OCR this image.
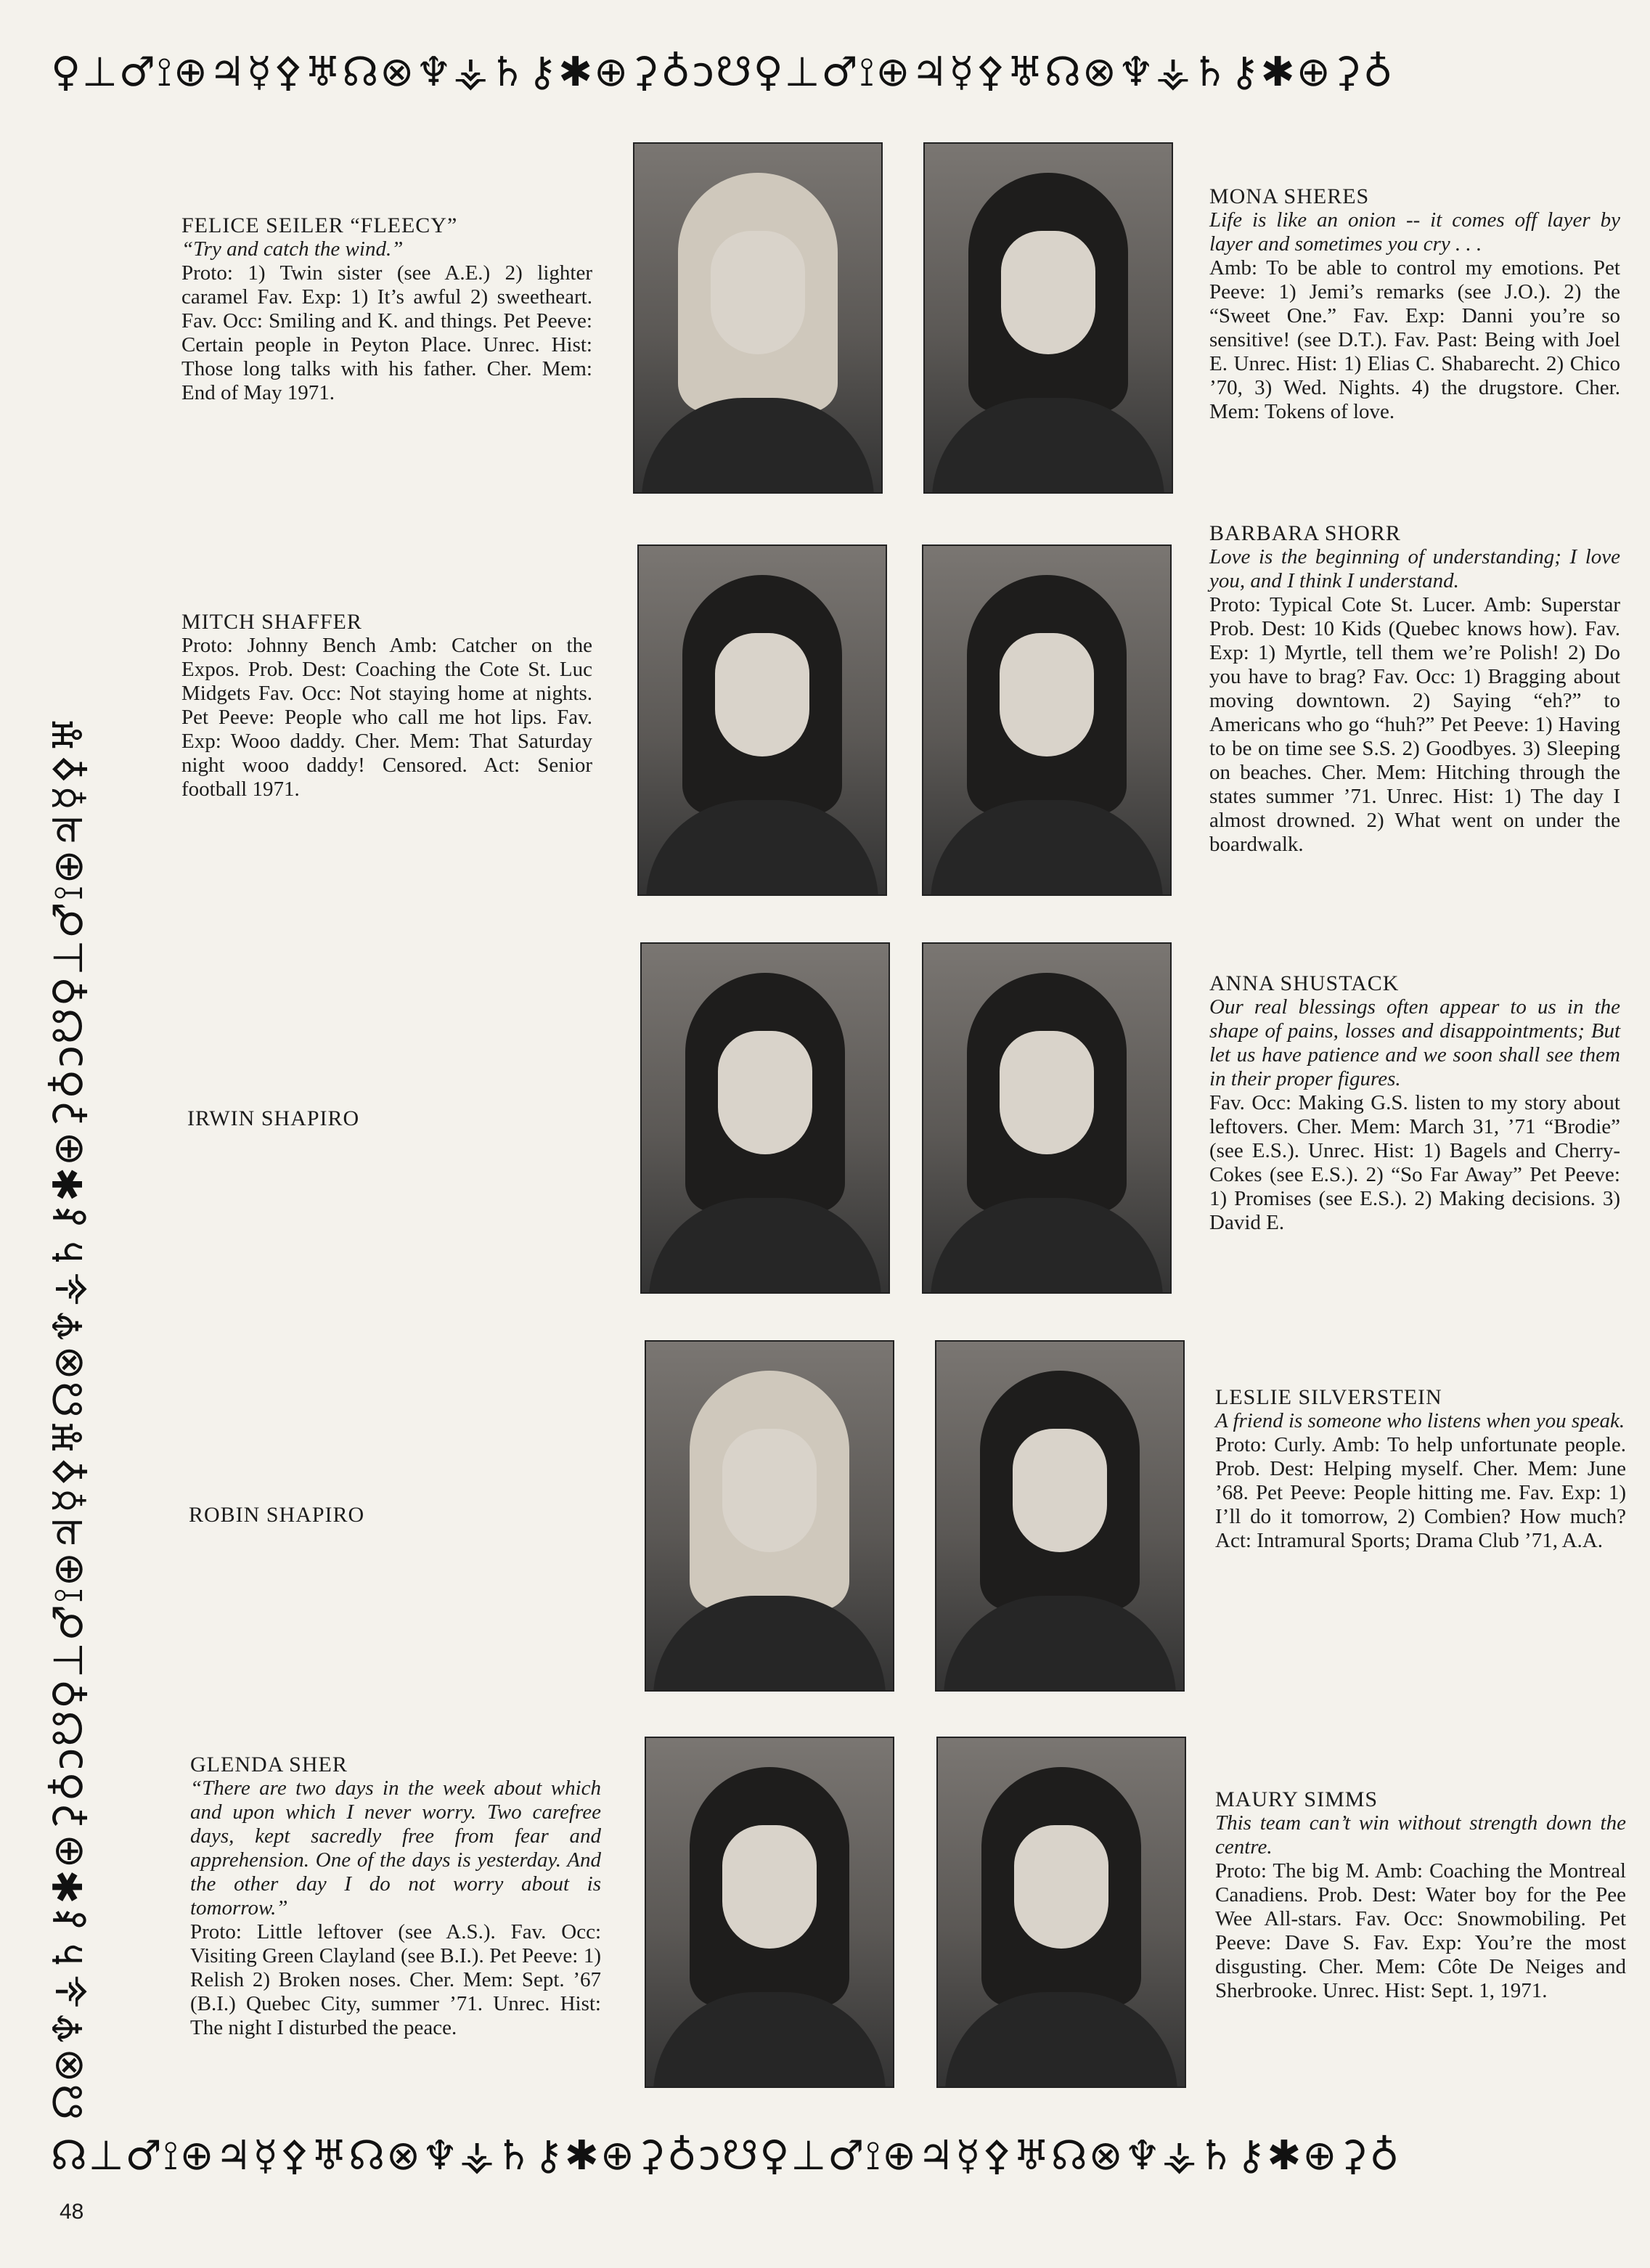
♀⊥♂⟟⊕♃☿⚴♅☊⊗♆⚶♄⚷✱⊕⚳♁ↄ☋♀⊥♂⟟⊕♃☿⚴♅☊⊗♆⚶♄⚷✱⊕⚳♁
☊⊗♆⚶♄⚷✱⊕⚳♁ↄ☋♀⊥♂⟟⊕♃☿⚴♅☊⊗♆⚶♄⚷✱⊕⚳♁ↄ☋♀⊥♂⟟⊕♃☿⚴♅
☊⊥♂⟟⊕♃☿⚴♅☊⊗♆⚶♄⚷✱⊕⚳♁ↄ☋♀⊥♂⟟⊕♃☿⚴♅☊⊗♆⚶♄⚷✱⊕⚳♁
FELICE SEILER “FLEECY”
“Try and catch the wind.”
Proto: 1) Twin sister (see A.E.) 2) lighter caramel Fav. Exp: 1) It’s awful 2) sweetheart. Fav. Occ: Smiling and K. and things. Pet Peeve: Certain people in Peyton Place. Unrec. Hist: Those long talks with his father. Cher. Mem: End of May 1971.
MONA SHERES
Life is like an onion -- it comes off layer by layer and sometimes you cry . . .
Amb: To be able to control my emotions. Pet Peeve: 1) Jemi’s remarks (see J.O.). 2) the “Sweet One.” Fav. Exp: Danni you’re so sensitive! (see D.T.). Fav. Past: Being with Joel E. Unrec. Hist: 1) Elias C. Shabarecht. 2) Chico ’70, 3) Wed. Nights. 4) the drugstore. Cher. Mem: Tokens of love.
MITCH SHAFFER
Proto: Johnny Bench Amb: Catcher on the Expos. Prob. Dest: Coaching the Cote St. Luc Midgets Fav. Occ: Not staying home at nights. Pet Peeve: People who call me hot lips. Fav. Exp: Wooo daddy. Cher. Mem: That Saturday night wooo daddy! Censored. Act: Senior football 1971.
BARBARA SHORR
Love is the beginning of understanding; I love you, and I think I understand.
Proto: Typical Cote St. Lucer. Amb: Superstar Prob. Dest: 10 Kids (Quebec knows how). Fav. Exp: 1) Myrtle, tell them we’re Polish! 2) Do you have to brag? Fav. Occ: 1) Bragging about moving downtown. 2) Saying “eh?” to Americans who go “huh?” Pet Peeve: 1) Having to be on time see S.S. 2) Goodbyes. 3) Sleeping on beaches. Cher. Mem: Hitching through the states summer ’71. Unrec. Hist: 1) The day I almost drowned. 2) What went on under the boardwalk.
IRWIN SHAPIRO
ANNA SHUSTACK
Our real blessings often appear to us in the shape of pains, losses and disappointments; But let us have patience and we soon shall see them in their proper figures.
Fav. Occ: Making G.S. listen to my story about leftovers. Cher. Mem: March 31, ’71 “Brodie” (see E.S.). Unrec. Hist: 1) Bagels and Cherry-Cokes (see E.S.). 2) “So Far Away” Pet Peeve: 1) Promises (see E.S.). 2) Making decisions. 3) David E.
ROBIN SHAPIRO
LESLIE SILVERSTEIN
A friend is someone who listens when you speak.
Proto: Curly. Amb: To help unfortunate people. Prob. Dest: Helping myself. Cher. Mem: June ’68. Pet Peeve: People hitting me. Fav. Exp: 1) I’ll do it tomorrow, 2) Combien? How much? Act: Intramural Sports; Drama Club ’71, A.A.
GLENDA SHER
“There are two days in the week about which and upon which I never worry. Two carefree days, kept sacredly free from fear and apprehension. One of the days is yesterday. And the other day I do not worry about is tomorrow.”
Proto: Little leftover (see A.S.). Fav. Occ: Visiting Green Clayland (see B.I.). Pet Peeve: 1) Relish 2) Broken noses. Cher. Mem: Sept. ’67 (B.I.) Quebec City, summer ’71. Unrec. Hist: The night I disturbed the peace.
MAURY SIMMS
This team can’t win without strength down the centre.
Proto: The big M. Amb: Coaching the Montreal Canadiens. Prob. Dest: Water boy for the Pee Wee All-stars. Fav. Occ: Snowmobiling. Pet Peeve: Dave S. Fav. Exp: You’re the most disgusting. Cher. Mem: Côte De Neiges and Sherbrooke. Unrec. Hist: Sept. 1, 1971.
48
